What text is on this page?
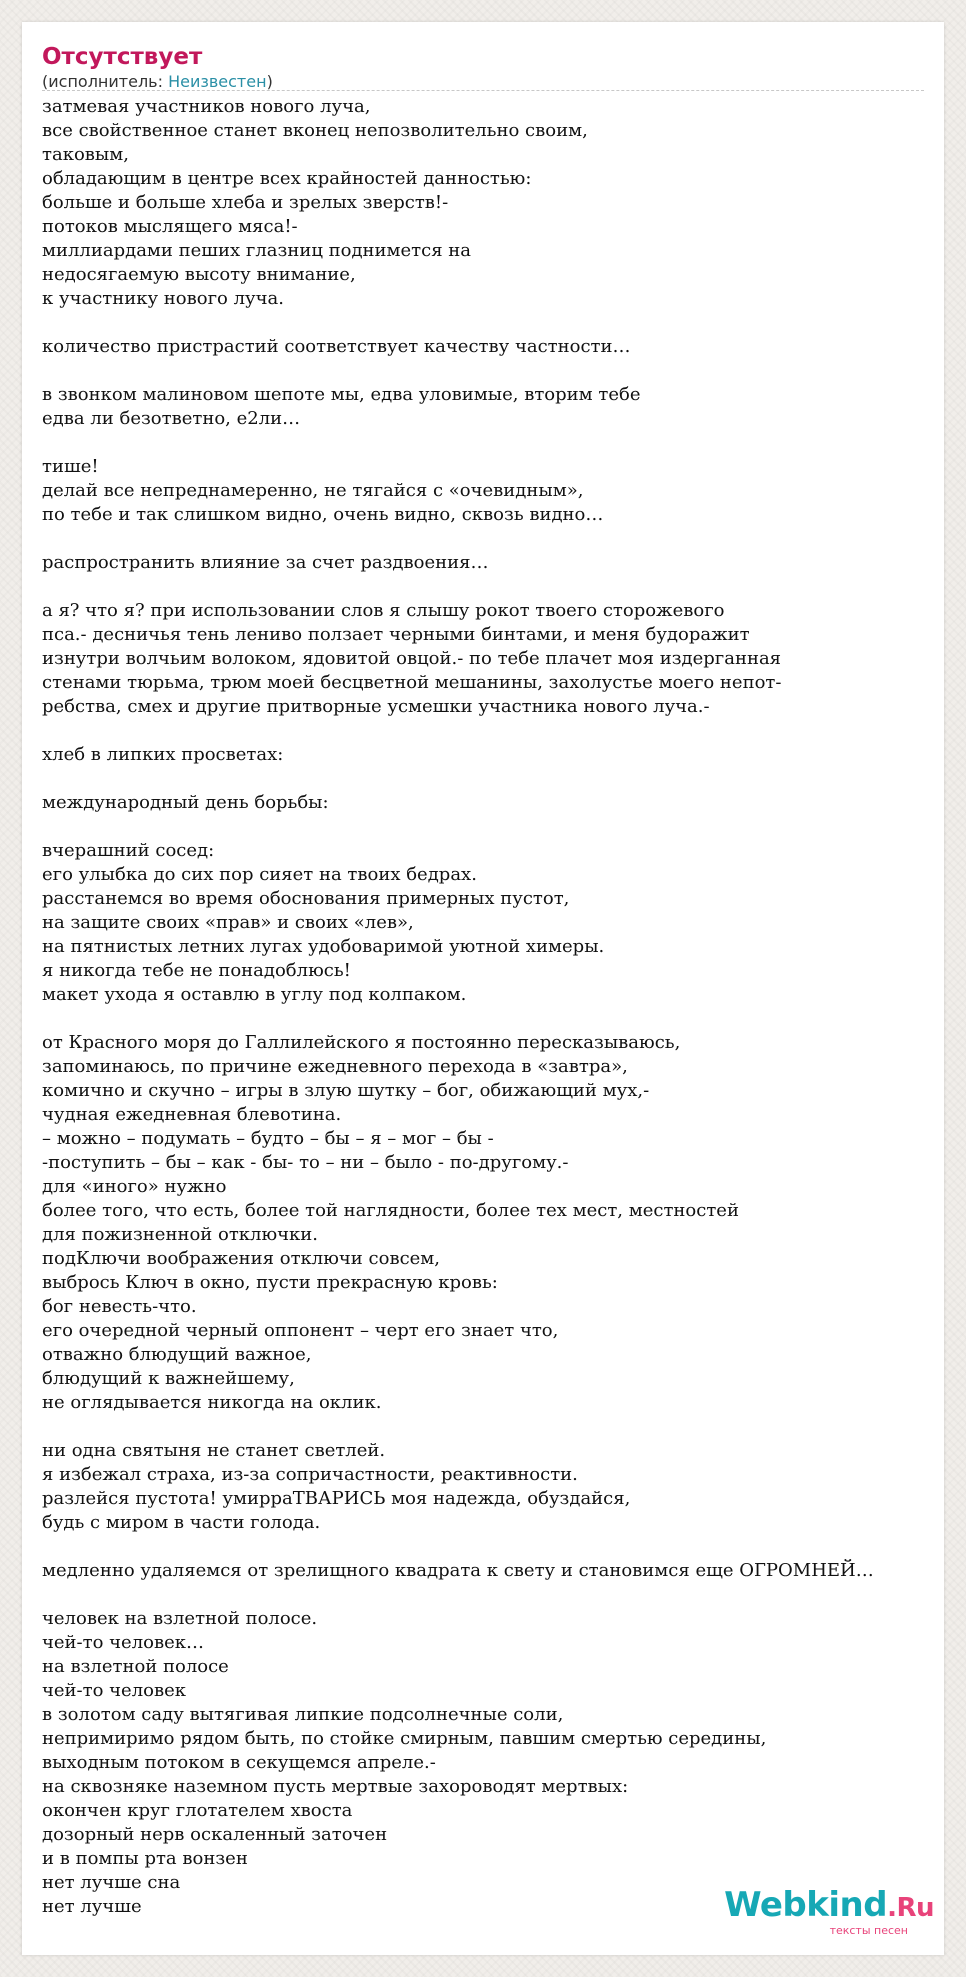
Отсутствует
(исполнитель: Неизвестен)
затмевая участников нового луча,
все свойственное станет вконец непозволительно своим,
таковым,
обладающим в центре всех крайностей данностью:
больше и больше хлеба и зрелых зверств!-
потоков мыслящего мяса!-
миллиардами пеших глазниц поднимется на
недосягаемую высоту внимание,
к участнику нового луча.

количество пристрастий соответствует качеству частности…

в звонком малиновом шепоте мы, едва уловимые, вторим тебе
едва ли безответно, е2ли…

тише!
делай все непреднамеренно, не тягайся с «очевидным»,
по тебе и так слишком видно, очень видно, сквозь видно…

распространить влияние за счет раздвоения…

а я? что я? при использовании слов я слышу рокот твоего сторожевого
пса.- десничья тень лениво ползает черными бинтами, и меня будоражит
изнутри волчьим волоком, ядовитой овцой.- по тебе плачет моя издерганная
стенами тюрьма, трюм моей бесцветной мешанины, захолустье моего непот-
ребства, смех и другие притворные усмешки участника нового луча.-

хлеб в липких просветах:

международный день борьбы:

вчерашний сосед:
его улыбка до сих пор сияет на твоих бедрах.
расстанемся во время обоснования примерных пустот,
на защите своих «прав» и своих «лев»,
на пятнистых летних лугах удобоваримой уютной химеры.
я никогда тебе не понадоблюсь!
макет ухода я оставлю в углу под колпаком.

от Красного моря до Галлилейского я постоянно пересказываюсь,
запоминаюсь, по причине ежедневного перехода в «завтра»,
комично и скучно – игры в злую шутку – бог, обижающий мух,-
чудная ежедневная блевотина.
– можно – подумать – будто – бы – я – мог – бы -
-поступить – бы – как - бы- то – ни – было - по-другому.-
для «иного» нужно
более того, что есть, более той наглядности, более тех мест, местностей
для пожизненной отключки.
подКлючи воображения отключи совсем,
выбрось Ключ в окно, пусти прекрасную кровь:
бог невесть-что.
его очередной черный оппонент – черт его знает что,
отважно блюдущий важное,
блюдущий к важнейшему,
не оглядывается никогда на оклик.

ни одна святыня не станет светлей.
я избежал страха, из-за сопричастности, реактивности.
разлейся пустота! умирраТВАРИСЬ моя надежда, обуздайся,
будь с миром в части голода.

медленно удаляемся от зрелищного квадрата к свету и становимся еще ОГРОМНЕЙ…

человек на взлетной полосе.
чей-то человек…
на взлетной полосе
чей-то человек
в золотом саду вытягивая липкие подсолнечные соли,
непримиримо рядом быть, по стойке смирным, павшим смертью середины,
выходным потоком в секущемся апреле.-
на сквозняке наземном пусть мертвые захороводят мертвых:
окончен круг глотателем хвоста
дозорный нерв оскаленный заточен
и в помпы рта вонзен
нет лучше сна
нет лучше	Webkind.Ru
тексты песен
